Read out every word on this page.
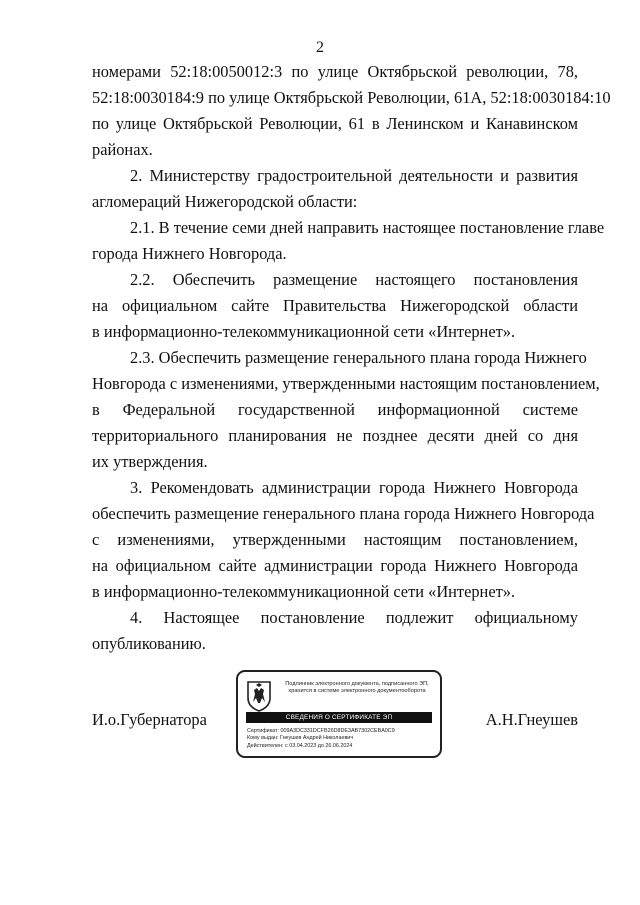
2
номерами 52:18:0050012:3 по улице Октябрьской революции, 78,
52:18:0030184:9 по улице Октябрьской Революции, 61А, 52:18:0030184:10
по улице Октябрьской Революции, 61 в Ленинском и Канавинском
районах.
2. Министерству градостроительной деятельности и развития
агломераций Нижегородской области:
2.1. В течение семи дней направить настоящее постановление главе
города Нижнего Новгорода.
2.2. Обеспечить размещение настоящего постановления
на официальном сайте Правительства Нижегородской области
в информационно-телекоммуникационной сети «Интернет».
2.3. Обеспечить размещение генерального плана города Нижнего
Новгорода с изменениями, утвержденными настоящим постановлением,
в Федеральной государственной информационной системе
территориального планирования не позднее десяти дней со дня
их утверждения.
3. Рекомендовать администрации города Нижнего Новгорода
обеспечить размещение генерального плана города Нижнего Новгорода
с изменениями, утвержденными настоящим постановлением,
на официальном сайте администрации города Нижнего Новгорода
в информационно-телекоммуникационной сети «Интернет».
4. Настоящее постановление подлежит официальному
опубликованию.
И.о.Губернатора	А.Н.Гнеушев
Подлинник электронного документа, подписанного ЭП,
хранится в системе электронного документооборота
СВЕДЕНИЯ О СЕРТИФИКАТЕ ЭП
Сертификат: 009A3DC331DCFB26D8DE3AB7302CEBA0C9
Кому выдан: Гнеушев Андрей Николаевич
Действителен: с 03.04.2023 до 26.06.2024
